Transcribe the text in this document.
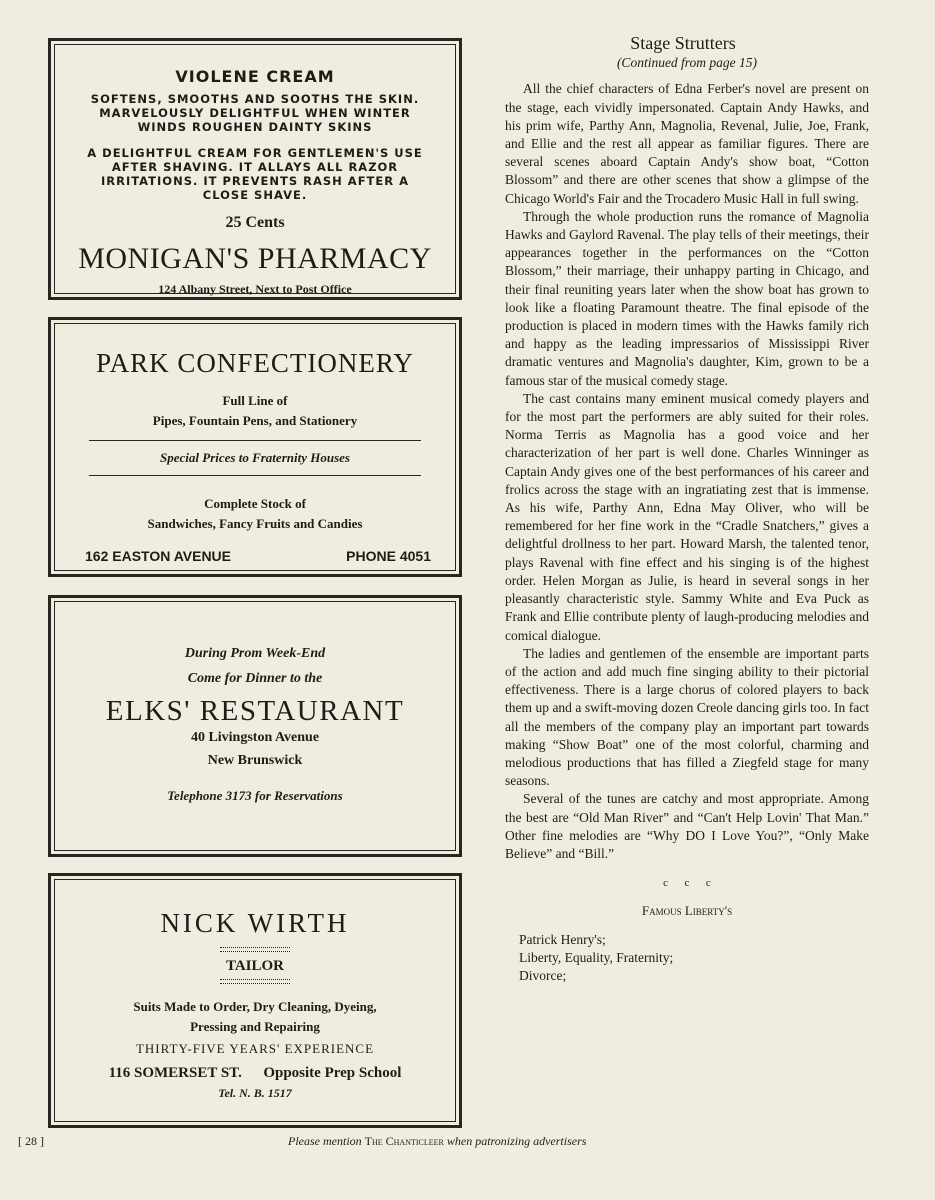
VIOLENE CREAM
SOFTENS, SMOOTHS AND SOOTHS THE SKIN. MARVELOUSLY DELIGHTFUL WHEN WINTER WINDS ROUGHEN DAINTY SKINS
A DELIGHTFUL CREAM FOR GENTLEMEN'S USE AFTER SHAVING. IT ALLAYS ALL RAZOR IRRITATIONS. IT PREVENTS RASH AFTER A CLOSE SHAVE.
25 Cents
MONIGAN'S PHARMACY
124 Albany Street, Next to Post Office
PARK CONFECTIONERY
Full Line of
Pipes, Fountain Pens, and Stationery
Special Prices to Fraternity Houses
Complete Stock of
Sandwiches, Fancy Fruits and Candies
162 EASTON AVENUE	PHONE 4051
During Prom Week-End
Come for Dinner to the
ELKS' RESTAURANT
40 Livingston Avenue
New Brunswick
Telephone 3173 for Reservations
NICK WIRTH
TAILOR
Suits Made to Order, Dry Cleaning, Dyeing,
Pressing and Repairing
THIRTY-FIVE YEARS' EXPERIENCE
116 SOMERSET ST. Opposite Prep School
Tel. N. B. 1517
Stage Strutters
(Continued from page 15)

All the chief characters of Edna Ferber's novel are present on the stage, each vividly impersonated. Captain Andy Hawks, and his prim wife, Parthy Ann, Magnolia, Revenal, Julie, Joe, Frank, and Ellie and the rest all appear as familiar figures. There are several scenes aboard Captain Andy's show boat, “Cotton Blossom” and there are other scenes that show a glimpse of the Chicago World's Fair and the Trocadero Music Hall in full swing.

Through the whole production runs the romance of Magnolia Hawks and Gaylord Ravenal. The play tells of their meetings, their appearances together in the performances on the “Cotton Blossom,” their marriage, their unhappy parting in Chicago, and their final reuniting years later when the show boat has grown to look like a floating Paramount theatre. The final episode of the production is placed in modern times with the Hawks family rich and happy as the leading impressarios of Mississippi River dramatic ventures and Magnolia's daughter, Kim, grown to be a famous star of the musical comedy stage.

The cast contains many eminent musical comedy players and for the most part the performers are ably suited for their roles. Norma Terris as Magnolia has a good voice and her characterization of her part is well done. Charles Winninger as Captain Andy gives one of the best performances of his career and frolics across the stage with an ingratiating zest that is immense. As his wife, Parthy Ann, Edna May Oliver, who will be remembered for her fine work in the “Cradle Snatchers,” gives a delightful drollness to her part. Howard Marsh, the talented tenor, plays Ravenal with fine effect and his singing is of the highest order. Helen Morgan as Julie, is heard in several songs in her pleasantly characteristic style. Sammy White and Eva Puck as Frank and Ellie contribute plenty of laugh-producing melodies and comical dialogue.

The ladies and gentlemen of the ensemble are important parts of the action and add much fine singing ability to their pictorial effectiveness. There is a large chorus of colored players to back them up and a swift-moving dozen Creole dancing girls too. In fact all the members of the company play an important part towards making “Show Boat” one of the most colorful, charming and melodious productions that has filled a Ziegfeld stage for many seasons.

Several of the tunes are catchy and most appropriate. Among the best are “Old Man River” and “Can't Help Lovin' That Man.” Other fine melodies are “Why DO I Love You?”, “Only Make Believe” and “Bill.”

c      c      c
Famous Liberty's
Patrick Henry's;
Liberty, Equality, Fraternity;
Divorce;
[ 28 ]	Please mention The Chanticleer when patronizing advertisers
